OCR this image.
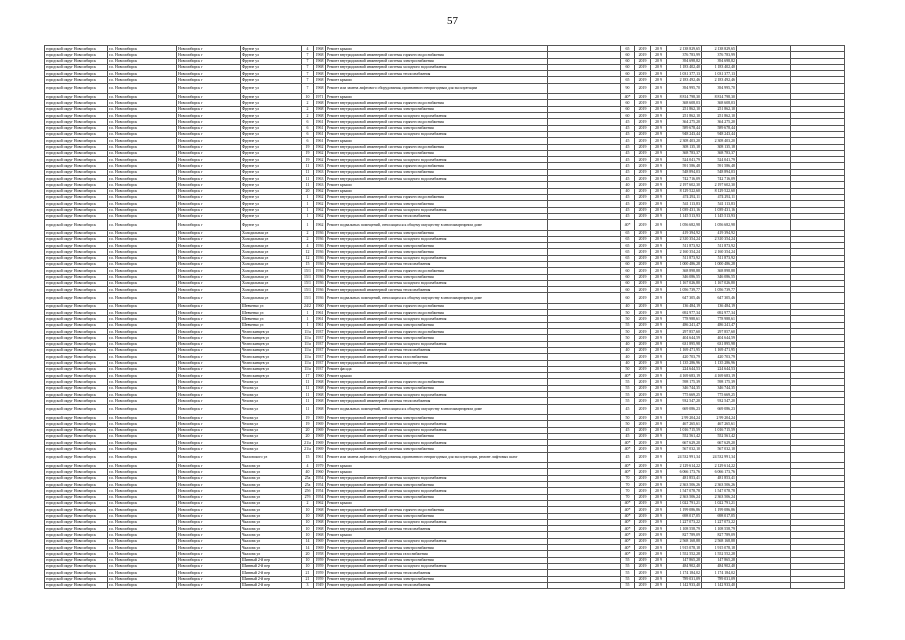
57
городской округ Новосибирск	г.о. Новосибирск	Новосибирск г	Фрунзе ул	4	1968	Ремонт крыши		65	2019	20 9	2 138 829,65	2 138 829,65		
городской округ Новосибирск	г.о. Новосибирск	Новосибирск г	Фрунзе ул	7	1968	Ремонт внутридомовой инженерной системы горячего водоснабжения		60	2019	20 9	376 783,99	376 783,99		
городской округ Новосибирск	г.о. Новосибирск	Новосибирск г	Фрунзе ул	7	1968	Ремонт внутридомовой инженерной системы электроснабжения		60	2019	20 9	394 698,82	394 698,82		
городской округ Новосибирск	г.о. Новосибирск	Новосибирск г	Фрунзе ул	7	1968	Ремонт внутридомовой инженерной системы холодного водоснабжения		60	2019	20 9	1 183 402,40	1 183 402,40		
городской округ Новосибирск	г.о. Новосибирск	Новосибирск г	Фрунзе ул	7	1968	Ремонт внутридомовой инженерной системы теплоснабжения		60	2019	20 9	1 031 377,13	1 031 377,13		
городской округ Новосибирск	г.о. Новосибирск	Новосибирск г	Фрунзе ул	7	1968	Ремонт крыши		65	2019	20 9	2 183 492,46	2 183 492,46		
городской округ Новосибирск	г.о. Новосибирск	Новосибирск г	Фрунзе ул	7	1968	Ремонт или замена лифтового оборудования, признанного непригодным для эксплуатации		90	2019	20 9	394 995,70	394 995,70		
городской округ Новосибирск	г.о. Новосибирск	Новосибирск г	Фрунзе ул	10	1971	Ремонт крыши		40*	2019	20 9	8 814 798,30	8 814 798,30		
городской округ Новосибирск	г.о. Новосибирск	Новосибирск г	Фрунзе ул	2	1968	Ремонт внутридомовой инженерной системы горячего водоснабжения		60	2019	20 9	368 608,03	368 608,03		
городской округ Новосибирск	г.о. Новосибирск	Новосибирск г	Фрунзе ул	2	1968	Ремонт внутридомовой инженерной системы электроснабжения		60	2019	20 9	251 862,10	251 862,10		
городской округ Новосибирск	г.о. Новосибирск	Новосибирск г	Фрунзе ул	2	1968	Ремонт внутридомовой инженерной системы холодного водоснабжения		60	2019	20 9	251 862,10	251 862,10		
городской округ Новосибирск	г.о. Новосибирск	Новосибирск г	Фрунзе ул	6	1961	Ремонт внутридомовой инженерной системы горячего водоснабжения		45	2019	20 9	364 275,20	364 275,20		
городской округ Новосибирск	г.о. Новосибирск	Новосибирск г	Фрунзе ул	6	1961	Ремонт внутридомовой инженерной системы электроснабжения		45	2019	20 9	589 678,44	589 678,44		
городской округ Новосибирск	г.о. Новосибирск	Новосибирск г	Фрунзе ул	6	1961	Ремонт внутридомовой инженерной системы холодного водоснабжения		45	2019	20 9	948 243,44	948 243,44		
городской округ Новосибирск	г.о. Новосибирск	Новосибирск г	Фрунзе ул	6	1961	Ремонт крыши		45	2019	20 9	2 308 403,20	2 308 403,20		
городской округ Новосибирск	г.о. Новосибирск	Новосибирск г	Фрунзе ул	19	1962	Ремонт внутридомовой инженерной системы горячего водоснабжения		45	2019	20 9	308 135,18	308 135,18		
городской округ Новосибирск	г.о. Новосибирск	Новосибирск г	Фрунзе ул	19	1962	Ремонт внутридомовой инженерной системы электроснабжения		45	2019	20 9	368 783,37	368 783,37		
городской округ Новосибирск	г.о. Новосибирск	Новосибирск г	Фрунзе ул	19	1962	Ремонт внутридомовой инженерной системы холодного водоснабжения		45	2019	20 9	524 041,79	524 041,79		
городской округ Новосибирск	г.о. Новосибирск	Новосибирск г	Фрунзе ул	11	1963	Ремонт внутридомовой инженерной системы горячего водоснабжения		45	2019	20 9	591 586,48	591 586,48		
городской округ Новосибирск	г.о. Новосибирск	Новосибирск г	Фрунзе ул	11	1963	Ремонт внутридомовой инженерной системы электроснабжения		45	2019	20 9	548 894,03	548 894,03		
городской округ Новосибирск	г.о. Новосибирск	Новосибирск г	Фрунзе ул	11	1963	Ремонт внутридомовой инженерной системы холодного водоснабжения		45	2019	20 9	742 716,09	742 716,09		
городской округ Новосибирск	г.о. Новосибирск	Новосибирск г	Фрунзе ул	11	1963	Ремонт крыши		40	2019	20 9	2 197 602,30	2 197 602,30		
городской округ Новосибирск	г.о. Новосибирск	Новосибирск г	Фрунзе ул	20	1962	Ремонт крыши		40	2019	20 9	8 129 522,60	8 129 522,60		
городской округ Новосибирск	г.о. Новосибирск	Новосибирск г	Фрунзе ул	1	1962	Ремонт внутридомовой инженерной системы горячего водоснабжения		45	2019	20 9	474 292,11	474 292,11		
городской округ Новосибирск	г.о. Новосибирск	Новосибирск г	Фрунзе ул	1	1962	Ремонт внутридомовой инженерной системы электроснабжения		45	2019	20 9	541 113,83	541 113,83		
городской округ Новосибирск	г.о. Новосибирск	Новосибирск г	Фрунзе ул	1	1962	Ремонт внутридомовой инженерной системы холодного водоснабжения		45	2019	20 9	1 039 431,16	1 039 431,16		
городской округ Новосибирск	г.о. Новосибирск	Новосибирск г	Фрунзе ул	1	1962	Ремонт внутридомовой инженерной системы теплоснабжения		45	2019	20 9	1 145 513,93	1 145 513,93		
городской округ Новосибирск	г.о. Новосибирск	Новосибирск г	Фрунзе ул	1	1962	Ремонт подвальных помещений, относящихся к общему имуществу в многоквартирном доме		40*	2019	20 9	1 056 682,98	1 056 682,98		
городской округ Новосибирск	г.о. Новосибирск	Новосибирск г	Холодильная ул	2	1936	Ремонт внутридомовой инженерной системы электроснабжения		65	2019	20 9	419 394,92	419 394,92		
городской округ Новосибирск	г.о. Новосибирск	Новосибирск г	Холодильная ул	2	1936	Ремонт внутридомовой инженерной системы холодного водоснабжения		65	2019	20 9	2 310 354,24	2 310 354,24		
городской округ Новосибирск	г.о. Новосибирск	Новосибирск г	Холодильная ул	4	1936	Ремонт внутридомовой инженерной системы электроснабжения		65	2019	20 9	511 873,92	511 873,92		
городской округ Новосибирск	г.о. Новосибирск	Новосибирск г	Холодильная ул	12	1936	Ремонт внутридомовой инженерной системы электроснабжения		65	2019	20 9	2 160 354,24	2 160 354,24		
городской округ Новосибирск	г.о. Новосибирск	Новосибирск г	Холодильная ул	12	1936	Ремонт внутридомовой инженерной системы холодного водоснабжения		65	2019	20 9	511 873,92	511 873,92		
городской округ Новосибирск	г.о. Новосибирск	Новосибирск г	Холодильная ул	15	1936	Ремонт внутридомовой инженерной системы теплоснабжения		60	2019	20 9	1 000 486,28	1 000 486,28		
городской округ Новосибирск	г.о. Новосибирск	Новосибирск г	Холодильная ул	15/1	1936	Ремонт внутридомовой инженерной системы горячего водоснабжения		60	2019	20 9	368 898,88	368 898,88		
городской округ Новосибирск	г.о. Новосибирск	Новосибирск г	Холодильная ул	15/1	1936	Ремонт внутридомовой инженерной системы электроснабжения		60	2019	20 9	346 086,55	346 086,55		
городской округ Новосибирск	г.о. Новосибирск	Новосибирск г	Холодильная ул	15/1	1936	Ремонт внутридомовой инженерной системы холодного водоснабжения		60	2019	20 9	1 167 026,80	1 167 026,80		
городской округ Новосибирск	г.о. Новосибирск	Новосибирск г	Холодильная ул	15/1	1936	Ремонт внутридомовой инженерной системы теплоснабжения		60	2019	20 9	1 056 739,77	1 056 739,77		
городской округ Новосибирск	г.о. Новосибирск	Новосибирск г	Холодильная ул	15/1	1936	Ремонт подвальных помещений, относящихся к общему имуществу в многоквартирном доме		60	2019	20 9	647 305,46	647 305,46		
городской округ Новосибирск	г.о. Новосибирск	Новосибирск г	Шевченко ул	24/2	1960	Ремонт внутридомовой инженерной системы горячего водоснабжения		40	2019	20 9	136 484,19	136 484,19		
городской округ Новосибирск	г.о. Новосибирск	Новосибирск г	Шевченко ул	1	1961	Ремонт внутридомовой инженерной системы горячего водоснабжения		50	2019	20 9	692 977,34	692 977,34		
городской округ Новосибирск	г.о. Новосибирск	Новосибирск г	Шевченко ул	1	1961	Ремонт внутридомовой инженерной системы холодного водоснабжения		50	2019	20 9	778 988,61	778 988,61		
городской округ Новосибирск	г.о. Новосибирск	Новосибирск г	Шевченко ул	1	1961	Ремонт внутридомовой инженерной системы электроснабжения		55	2019	20 9	486 241,47	486 241,47		
городской округ Новосибирск	г.о. Новосибирск	Новосибирск г	Челюскинцев ул	11/а	1937	Ремонт внутридомовой инженерной системы горячего водоснабжения		50	2019	20 9	297 857,60	297 857,60		
городской округ Новосибирск	г.о. Новосибирск	Новосибирск г	Челюскинцев ул	11/а	1937	Ремонт внутридомовой инженерной системы электроснабжения		50	2019	20 9	404 644,59	404 644,59		
городской округ Новосибирск	г.о. Новосибирск	Новосибирск г	Челюскинцев ул	11/а	1937	Ремонт внутридомовой инженерной системы холодного водоснабжения		40	2019	20 9	631 895,98	631 895,98		
городской округ Новосибирск	г.о. Новосибирск	Новосибирск г	Челюскинцев ул	11/а	1937	Ремонт внутридомовой инженерной системы теплоснабжения		40	2019	20 9	1 169 471,95	1 169 471,95		
городской округ Новосибирск	г.о. Новосибирск	Новосибирск г	Челюскинцев ул	11/а	1937	Ремонт внутридомовой инженерной системы газоснабжения		40	2019	20 9	420 703,79	420 703,79		
городской округ Новосибирск	г.о. Новосибирск	Новосибирск г	Челюскинцев ул	11/а	1937	Ремонт внутридомовой инженерной системы водоотведения		40	2019	20 9	1 135 286,96	1 135 286,96		
городской округ Новосибирск	г.о. Новосибирск	Новосибирск г	Челюскинцев ул	11/а	1937	Ремонт фасада		50	2019	20 9	224 644,53	224 644,53		
городской округ Новосибирск	г.о. Новосибирск	Новосибирск г	Челюскинцев ул	17	1960	Ремонт крыши		40*	2019	20 9	4 169 683,19	4 169 683,19		
городской округ Новосибирск	г.о. Новосибирск	Новосибирск г	Чехова ул	11	1968	Ремонт внутридомовой инженерной системы горячего водоснабжения		55	2019	20 9	598 175,39	598 175,39		
городской округ Новосибирск	г.о. Новосибирск	Новосибирск г	Чехова ул	11	1968	Ремонт внутридомовой инженерной системы электроснабжения		55	2019	20 9	346 744,35	346 744,35		
городской округ Новосибирск	г.о. Новосибирск	Новосибирск г	Чехова ул	11	1968	Ремонт внутридомовой инженерной системы холодного водоснабжения		55	2019	20 9	775 669,25	775 669,25		
городской округ Новосибирск	г.о. Новосибирск	Новосибирск г	Чехова ул	11	1968	Ремонт внутридомовой инженерной системы теплоснабжения		55	2019	20 9	932 547,20	932 547,20		
городской округ Новосибирск	г.о. Новосибирск	Новосибирск г	Чехова ул	11	1968	Ремонт подвальных помещений, относящихся к общему имуществу в многоквартирном доме		45	2019	20 9	669 086,23	669 086,23		
городской округ Новосибирск	г.о. Новосибирск	Новосибирск г	Чехова ул	19	1969	Ремонт внутридомовой инженерной системы электроснабжения		50	2019	20 9	2 99 204,24	2 99 204,24		
городской округ Новосибирск	г.о. Новосибирск	Новосибирск г	Чехова ул	19	1969	Ремонт внутридомовой инженерной системы холодного водоснабжения		50	2019	20 9	467 265,61	467 265,61		
городской округ Новосибирск	г.о. Новосибирск	Новосибирск г	Чехова ул	20	1969	Ремонт внутридомовой инженерной системы холодного водоснабжения		45	2019	20 9	1 016 715,59	1 016 715,59		
городской округ Новосибирск	г.о. Новосибирск	Новосибирск г	Чехова ул	20	1969	Ремонт внутридомовой инженерной системы электроснабжения		45	2019	20 9	552 561,42	552 561,42		
городской округ Новосибирск	г.о. Новосибирск	Новосибирск г	Чехова ул	21/а	1969	Ремонт внутридомовой инженерной системы холодного водоснабжения		40*	2019	20 9	667 629,20	667 629,20		
городской округ Новосибирск	г.о. Новосибирск	Новосибирск г	Чехова ул	21/а	1969	Ремонт внутридомовой инженерной системы электроснабжения		40*	2019	20 9	567 032,10	567 032,10		
городской округ Новосибирск	г.о. Новосибирск	Новосибирск г	Чкаловского ул	15	1961	Ремонт или замена лифтового оборудования, признанного непригодным для эксплуатации, ремонт лифтовых шахт		45	2019	20 9	24 532 991,34	24 532 991,34		
городской округ Новосибирск	г.о. Новосибирск	Новосибирск г	Чкалова ул	4	1979	Ремонт крыши		40*	2019	20 9	2 129 614,22	2 129 614,22		
городской округ Новосибирск	г.о. Новосибирск	Новосибирск г	Чкалова ул	40	1960	Ремонт крыши		40*	2019	20 9	6 066 173,76	6 066 173,76		
городской округ Новосибирск	г.о. Новосибирск	Новосибирск г	Чкалова ул	25а	1954	Ремонт внутридомовой инженерной системы холодного водоснабжения		70	2019	20 9	481 853,41	481 853,41		
городской округ Новосибирск	г.о. Новосибирск	Новосибирск г	Чкалова ул	25а	1954	Ремонт внутридомовой инженерной системы электроснабжения		70	2019	20 9	2 363 506,26	2 363 506,26		
городской округ Новосибирск	г.о. Новосибирск	Новосибирск г	Чкалова ул	25б	1954	Ремонт внутридомовой инженерной системы холодного водоснабжения		70	2019	20 9	1 547 078,78	1 547 078,78		
городской округ Новосибирск	г.о. Новосибирск	Новосибирск г	Чкалова ул	27б	1954	Ремонт внутридомовой инженерной системы электроснабжения		70	2019	20 9	2 363 506,24	2 363 506,24		
городской округ Новосибирск	г.о. Новосибирск	Новосибирск г	Чкалова ул	2	1962	Ремонт крыши		40*	2019	20 9	1 022 791,21	1 022 791,21		
городской округ Новосибирск	г.о. Новосибирск	Новосибирск г	Чкалова ул	10	1968	Ремонт внутридомовой инженерной системы горячего водоснабжения		40*	2019	20 9	1 199 086,86	1 199 086,86		
городской округ Новосибирск	г.о. Новосибирск	Новосибирск г	Чкалова ул	10	1968	Ремонт внутридомовой инженерной системы электроснабжения		40*	2019	20 9	698 017,05	698 017,05		
городской округ Новосибирск	г.о. Новосибирск	Новосибирск г	Чкалова ул	10	1968	Ремонт внутридомовой инженерной системы холодного водоснабжения		40*	2019	20 9	1 227 073,22	1 227 073,22		
городской округ Новосибирск	г.о. Новосибирск	Новосибирск г	Чкалова ул	10	1968	Ремонт внутридомовой инженерной системы теплоснабжения		40*	2019	20 9	1 108 558,79	1 108 558,79		
городской округ Новосибирск	г.о. Новосибирск	Новосибирск г	Чкалова ул	10	1968	Ремонт крыши		40*	2019	20 9	827 789,09	827 789,09		
городской округ Новосибирск	г.о. Новосибирск	Новосибирск г	Чкалова ул	14	1969	Ремонт внутридомовой инженерной системы холодного водоснабжения		40*	2019	20 9	2 568 168,88	2 568 168,88		
городской округ Новосибирск	г.о. Новосибирск	Новосибирск г	Чкалова ул	14	1969	Ремонт внутридомовой инженерной системы электроснабжения		40*	2019	20 9	1 915 078,18	1 915 078,18		
городской округ Новосибирск	г.о. Новосибирск	Новосибирск г	Чкалова ул	20	1958	Ремонт внутридомовой инженерной системы газоснабжения		40*	2019	20 9	1 552 552,28	1 552 552,28		
городской округ Новосибирск	г.о. Новосибирск	Новосибирск г	Шинный 2-й пер	10	1959	Ремонт внутридомовой инженерной системы электроснабжения		55	2019	20 9	147 865,28	147 865,28		
городской округ Новосибирск	г.о. Новосибирск	Новосибирск г	Шинный 2-й пер	10	1959	Ремонт внутридомовой инженерной системы холодного водоснабжения		55	2019	20 9	484 902,40	484 902,40		
городской округ Новосибирск	г.о. Новосибирск	Новосибирск г	Шинный 2-й пер	21	1959	Ремонт внутридомовой инженерной системы теплоснабжения		55	2019	20 9	1 174 184,02	1 174 184,02		
городской округ Новосибирск	г.о. Новосибирск	Новосибирск г	Шинный 2-й пер	21	1959	Ремонт внутридомовой инженерной системы электроснабжения		55	2019	20 9	789 031,09	789 031,09		
городской округ Новосибирск	г.о. Новосибирск	Новосибирск г	Шинный 2-й пер	3	1949	Ремонт внутридомовой инженерной системы теплоснабжения		55	2019	20 9	1 142 933,40	1 142 933,40		
